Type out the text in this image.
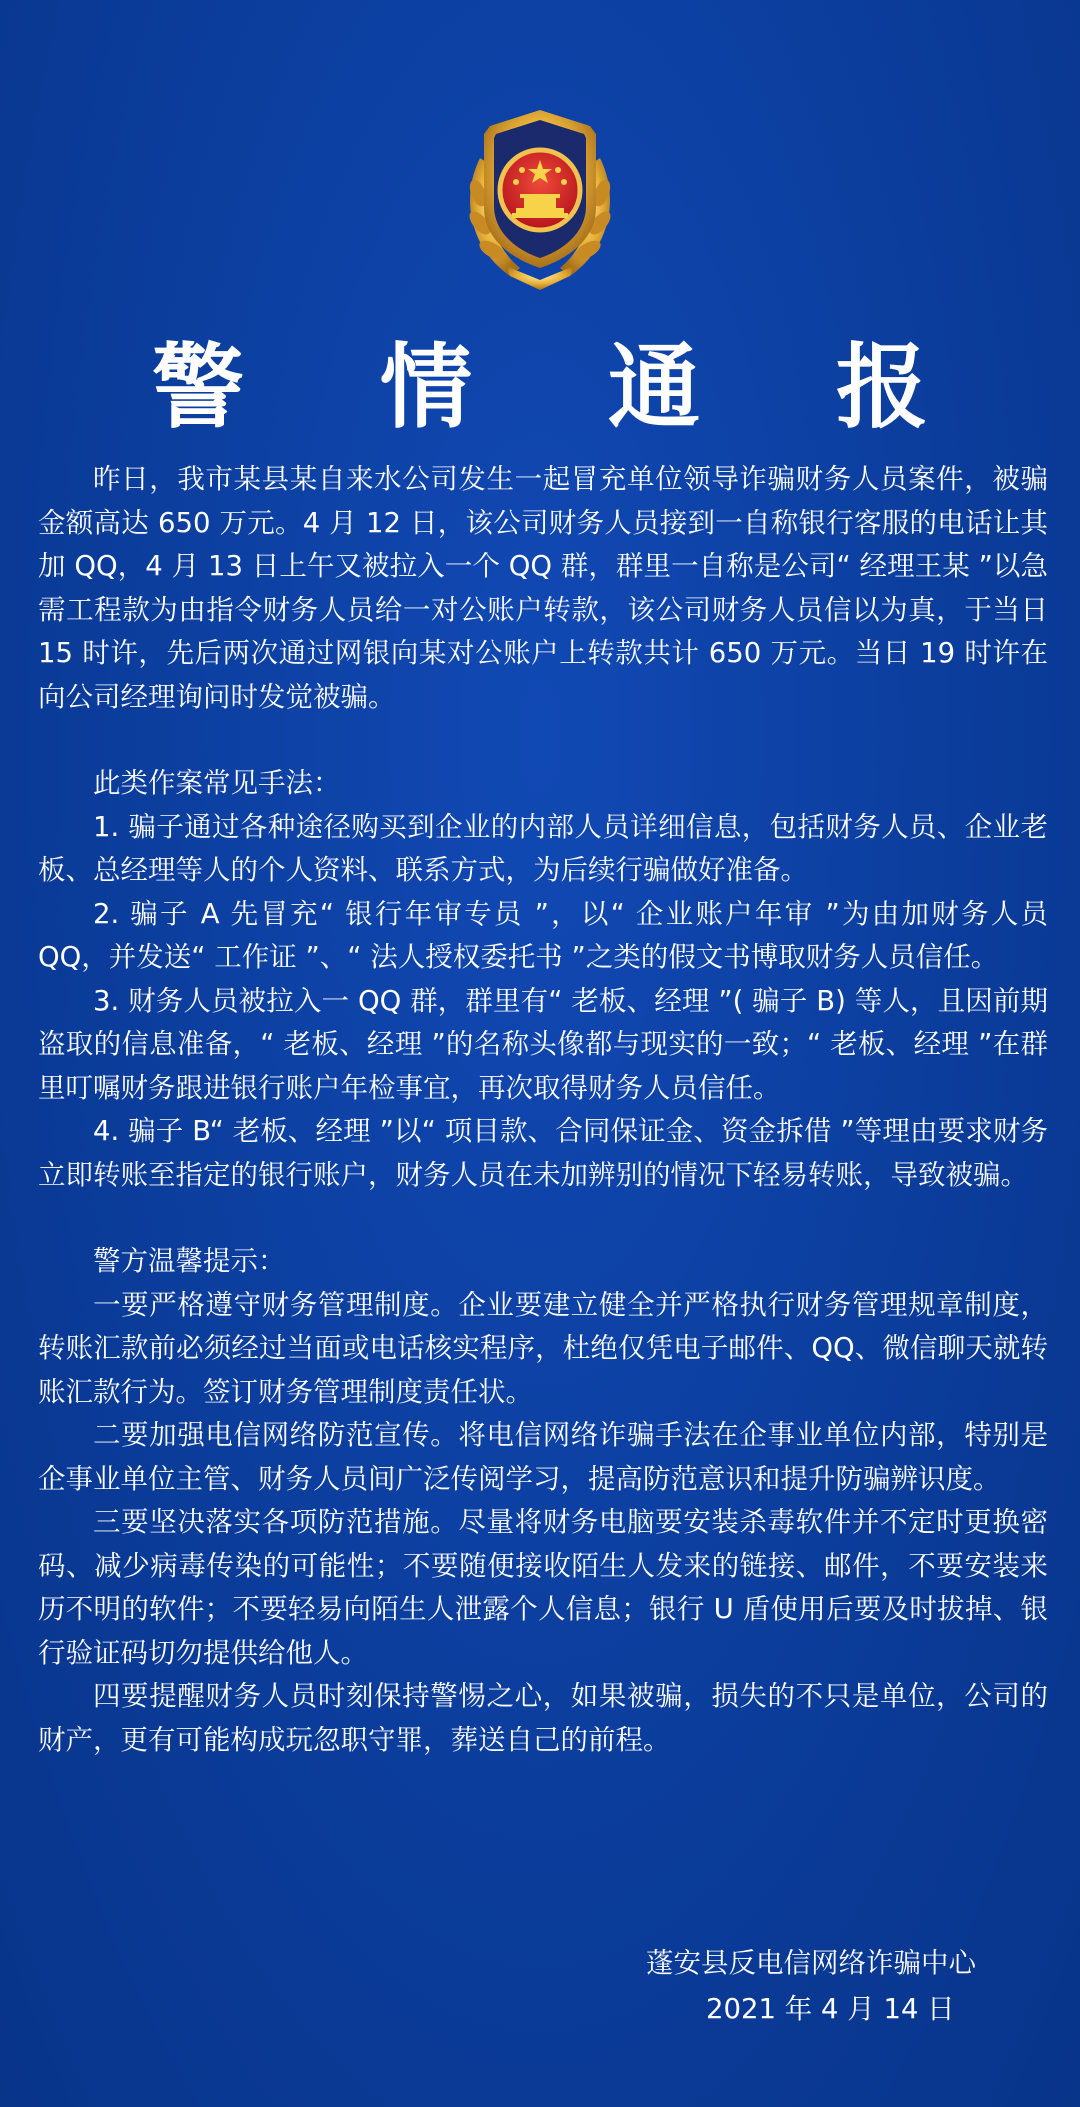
警 情 通 报

昨日，我市某县某自来水公司发生一起冒充单位领导诈骗财务人员案件，被骗金额高达 650 万元。4 月 12 日，该公司财务人员接到一自称银行客服的电话让其加 QQ，4 月 13 日上午又被拉入一个 QQ 群，群里一自称是公司“ 经理王某 ”以急需工程款为由指令财务人员给一对公账户转款，该公司财务人员信以为真，于当日 15 时许，先后两次通过网银向某对公账户上转款共计 650 万元。当日 19 时许在向公司经理询问时发觉被骗。

此类作案常见手法：

1. 骗子通过各种途径购买到企业的内部人员详细信息，包括财务人员、企业老板、总经理等人的个人资料、联系方式，为后续行骗做好准备。

2. 骗子 A 先冒充“ 银行年审专员 ”，以“ 企业账户年审 ”为由加财务人员 QQ，并发送“ 工作证 ”、“ 法人授权委托书 ”之类的假文书博取财务人员信任。

3. 财务人员被拉入一 QQ 群，群里有“ 老板、经理 ”( 骗子 B) 等人，且因前期盗取的信息准备，“ 老板、经理 ”的名称头像都与现实的一致；“ 老板、经理 ”在群里叮嘱财务跟进银行账户年检事宜，再次取得财务人员信任。

4. 骗子 B“ 老板、经理 ”以“ 项目款、合同保证金、资金拆借 ”等理由要求财务立即转账至指定的银行账户，财务人员在未加辨别的情况下轻易转账，导致被骗。

警方温馨提示：

一要严格遵守财务管理制度。企业要建立健全并严格执行财务管理规章制度，转账汇款前必须经过当面或电话核实程序，杜绝仅凭电子邮件、QQ、微信聊天就转账汇款行为。签订财务管理制度责任状。

二要加强电信网络防范宣传。将电信网络诈骗手法在企事业单位内部，特别是企事业单位主管、财务人员间广泛传阅学习，提高防范意识和提升防骗辨识度。

三要坚决落实各项防范措施。尽量将财务电脑要安装杀毒软件并不定时更换密码、减少病毒传染的可能性；不要随便接收陌生人发来的链接、邮件，不要安装来历不明的软件；不要轻易向陌生人泄露个人信息；银行 U 盾使用后要及时拔掉、银行验证码切勿提供给他人。

四要提醒财务人员时刻保持警惕之心，如果被骗，损失的不只是单位，公司的财产，更有可能构成玩忽职守罪，葬送自己的前程。

蓬安县反电信网络诈骗中心
2021 年 4 月 14 日
